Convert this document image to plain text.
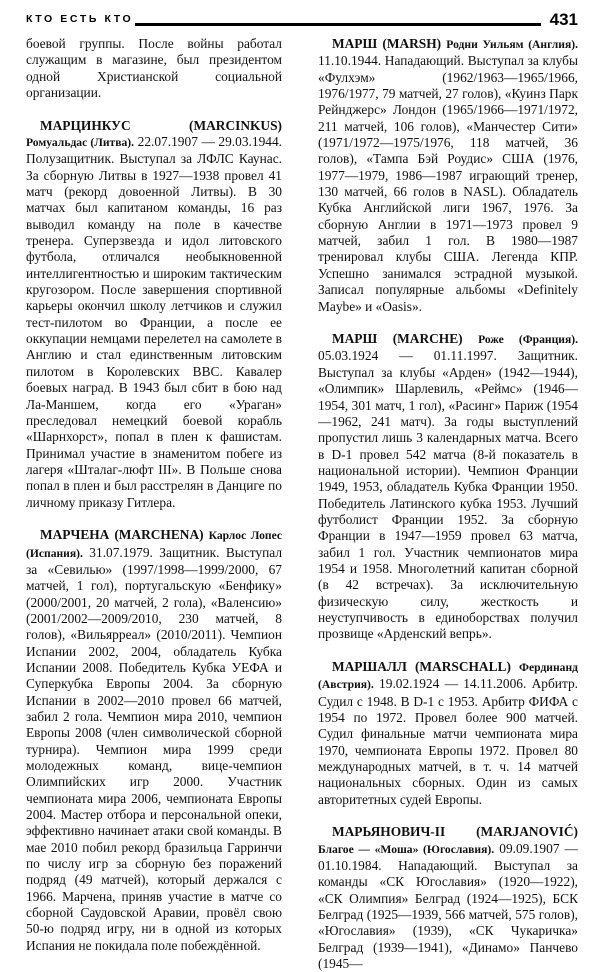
КТО ЕСТЬ КТО	431

боевой группы. После войны работал служащим в магазине, был президентом одной Христианской социальной организации.

МАРЦИНКУС	(MARCINKUS) Ромуальдас (Литва). 22.07.1907 — 29.03.1944. Полузащитник. Выступал за ЛФЛС Каунас. За сборную Литвы в 1927—1938 провел 41 матч (рекорд довоенной Литвы). В 30 матчах был капитаном команды, 16 раз выводил команду на поле в качестве тренера. Суперзвезда и идол литовского футбола, отличался необыкновенной интеллигентностью и широким тактическим кругозором. После завершения спортивной карьеры окончил школу летчиков и служил тест-пилотом во Франции, а после ее оккупации немцами перелетел на самолете в Англию и стал единственным литовским пилотом в Королевских ВВС. Кавалер боевых наград. В 1943 был сбит в бою над Ла-Маншем, когда его «Ураган» преследовал немецкий боевой корабль «Шарнхорст», попал в плен к фашистам. Принимал участие в знаменитом побеге из лагеря «Шталаг-люфт III». В Польше снова попал в плен и был расстрелян в Данциге по личному приказу Гитлера.

МАРЧЕНА (MARCHENA) Карлос Лопес (Испания). 31.07.1979. Защитник. Выступал за «Севилью» (1997/1998—1999/2000, 67 матчей, 1 гол), португальскую «Бенфику» (2000/2001, 20 матчей, 2 гола), «Валенсию» (2001/2002—2009/2010, 230 матчей, 8 голов), «Вильярреал» (2010/2011). Чемпион Испании 2002, 2004, обладатель Кубка Испании 2008. Победитель Кубка УЕФА и Суперкубка Европы 2004. За сборную Испании в 2002—2010 провел 66 матчей, забил 2 гола. Чемпион мира 2010, чемпион Европы 2008 (член символической сборной турнира). Чемпион мира 1999 среди молодежных команд, вице-чемпион Олимпийских игр 2000. Участник чемпионата мира 2006, чемпионата Европы 2004. Мастер отбора и персональной опеки, эффективно начинает атаки свой команды. В мае 2010 побил рекорд бразильца Гарринчи по числу игр за сборную без поражений подряд (49 матчей), который держался с 1966. Марчена, приняв участие в матче со сборной Саудовской Аравии, провёл свою 50-ю подряд игру, ни в одной из которых Испания не покидала поле побеждённой.

МАРШ (MARSH) Родни Уильям (Англия). 11.10.1944. Нападающий. Выступал за клубы «Фулхэм» (1962/1963—1965/1966, 1976/1977, 79 матчей, 27 голов), «Куинз Парк Рейнджерс» Лондон (1965/1966—1971/1972, 211 матчей, 106 голов), «Манчестер Сити» (1971/1972—1975/1976, 118 матчей, 36 голов), «Тампа Бэй Роудис» США (1976, 1977—1979, 1986—1987 играющий тренер, 130 матчей, 66 голов в NASL). Обладатель Кубка Английской лиги 1967, 1976. За сборную Англии в 1971—1973 провел 9 матчей, забил 1 гол. В 1980—1987 тренировал клубы США. Легенда КПР. Успешно занимался эстрадной музыкой. Записал популярные альбомы «Definitely Maybe» и «Oasis».

МАРШ (MARCHE) Роже (Франция). 05.03.1924 — 01.11.1997. Защитник. Выступал за клубы «Арден» (1942—1944), «Олимпик» Шарлевиль, «Реймс» (1946—1954, 301 матч, 1 гол), «Расинг» Париж (1954—1962, 241 матч). За годы выступлений пропустил лишь 3 календарных матча. Всего в D-1 провел 542 матча (8-й показатель в национальной истории). Чемпион Франции 1949, 1953, обладатель Кубка Франции 1950. Победитель Латинского кубка 1953. Лучший футболист Франции 1952. За сборную Франции в 1947—1959 провел 63 матча, забил 1 гол. Участник чемпионатов мира 1954 и 1958. Многолетний капитан сборной (в 42 встречах). За исключительную физическую силу, жесткость и неуступчивость в единоборствах получил прозвище «Арденский вепрь».

МАРШАЛЛ (MARSCHALL) Фердинанд (Австрия). 19.02.1924 — 14.11.2006. Арбитр. Судил с 1948. В D-1 с 1953. Арбитр ФИФА с 1954 по 1972. Провел более 900 матчей. Судил финальные матчи чемпионата мира 1970, чемпионата Европы 1972. Провел 80 международных матчей, в т. ч. 14 матчей национальных сборных. Один из самых авторитетных судей Европы.

МАРЬЯНОВИЧ-II (MARJANOVIĆ) Благое — «Моша» (Югославия). 09.09.1907 — 01.10.1984. Нападающий. Выступал за команды «СК Югославия» (1920—1922), «СК Олимпия» Белград (1924—1925), БСК Белград (1925—1939, 566 матчей, 575 голов), «Югославия» (1939), «СК Чукаричка» Белград (1939—1941), «Динамо» Панчево (1945—
